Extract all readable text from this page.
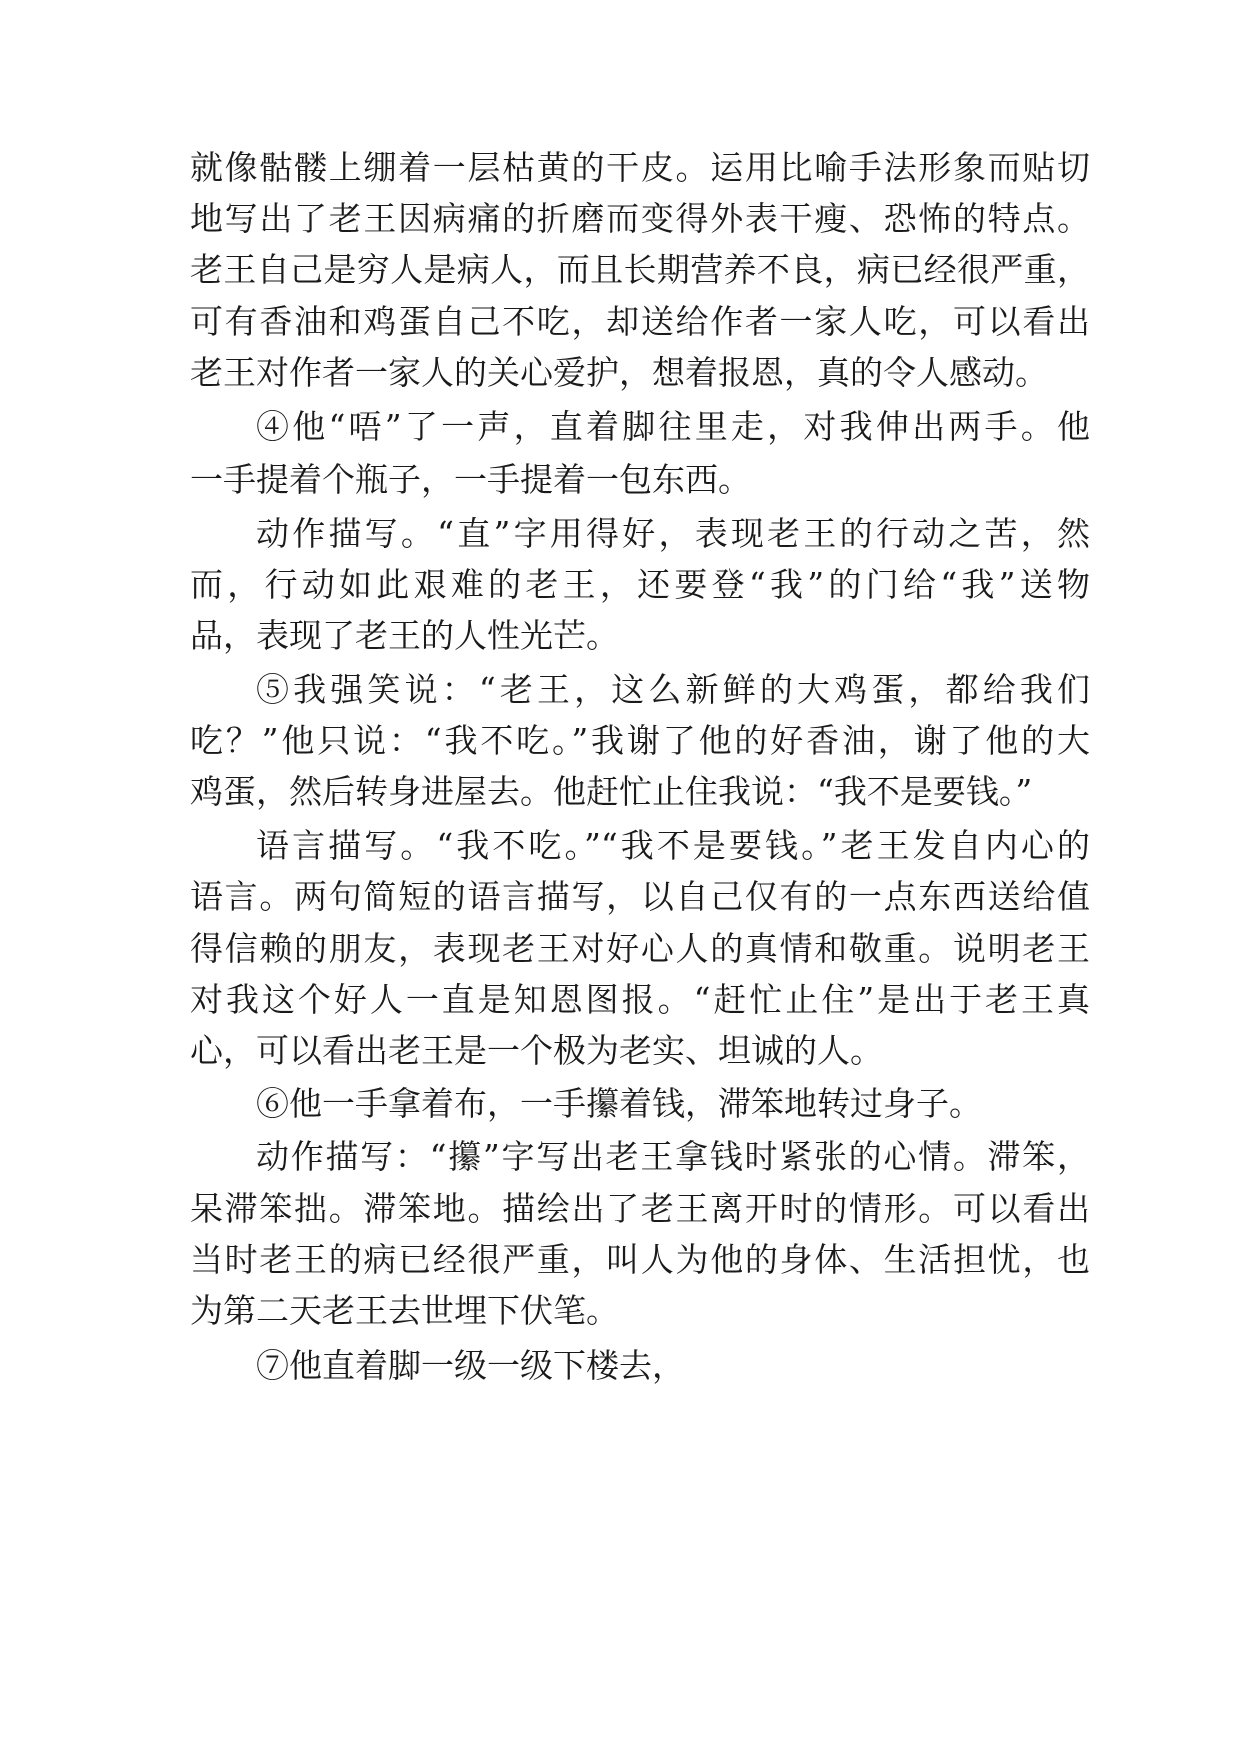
就像骷髅上绷着一层枯黄的干皮。运用比喻手法形象而贴切
地写出了老王因病痛的折磨而变得外表干瘦、恐怖的特点。
老王自己是穷人是病人，而且长期营养不良，病已经很严重，
可有香油和鸡蛋自己不吃，却送给作者一家人吃，可以看出
老王对作者一家人的关心爱护，想着报恩，真的令人感动。
④他“唔”了一声，直着脚往里走，对我伸出两手。他
一手提着个瓶子，一手提着一包东西。
动作描写。“直”字用得好，表现老王的行动之苦，然
而，行动如此艰难的老王，还要登“我”的门给“我”送物
品，表现了老王的人性光芒。
⑤我强笑说：“老王，这么新鲜的大鸡蛋，都给我们
吃？”他只说：“我不吃。”我谢了他的好香油，谢了他的大
鸡蛋，然后转身进屋去。他赶忙止住我说：“我不是要钱。”
语言描写。“我不吃。”“我不是要钱。”老王发自内心的
语言。两句简短的语言描写，以自己仅有的一点东西送给值
得信赖的朋友，表现老王对好心人的真情和敬重。说明老王
对我这个好人一直是知恩图报。“赶忙止住”是出于老王真
心，可以看出老王是一个极为老实、坦诚的人。
⑥他一手拿着布，一手攥着钱，滞笨地转过身子。
动作描写：“攥”字写出老王拿钱时紧张的心情。滞笨，
呆滞笨拙。滞笨地。描绘出了老王离开时的情形。可以看出
当时老王的病已经很严重，叫人为他的身体、生活担忧，也
为第二天老王去世埋下伏笔。
⑦他直着脚一级一级下楼去，
